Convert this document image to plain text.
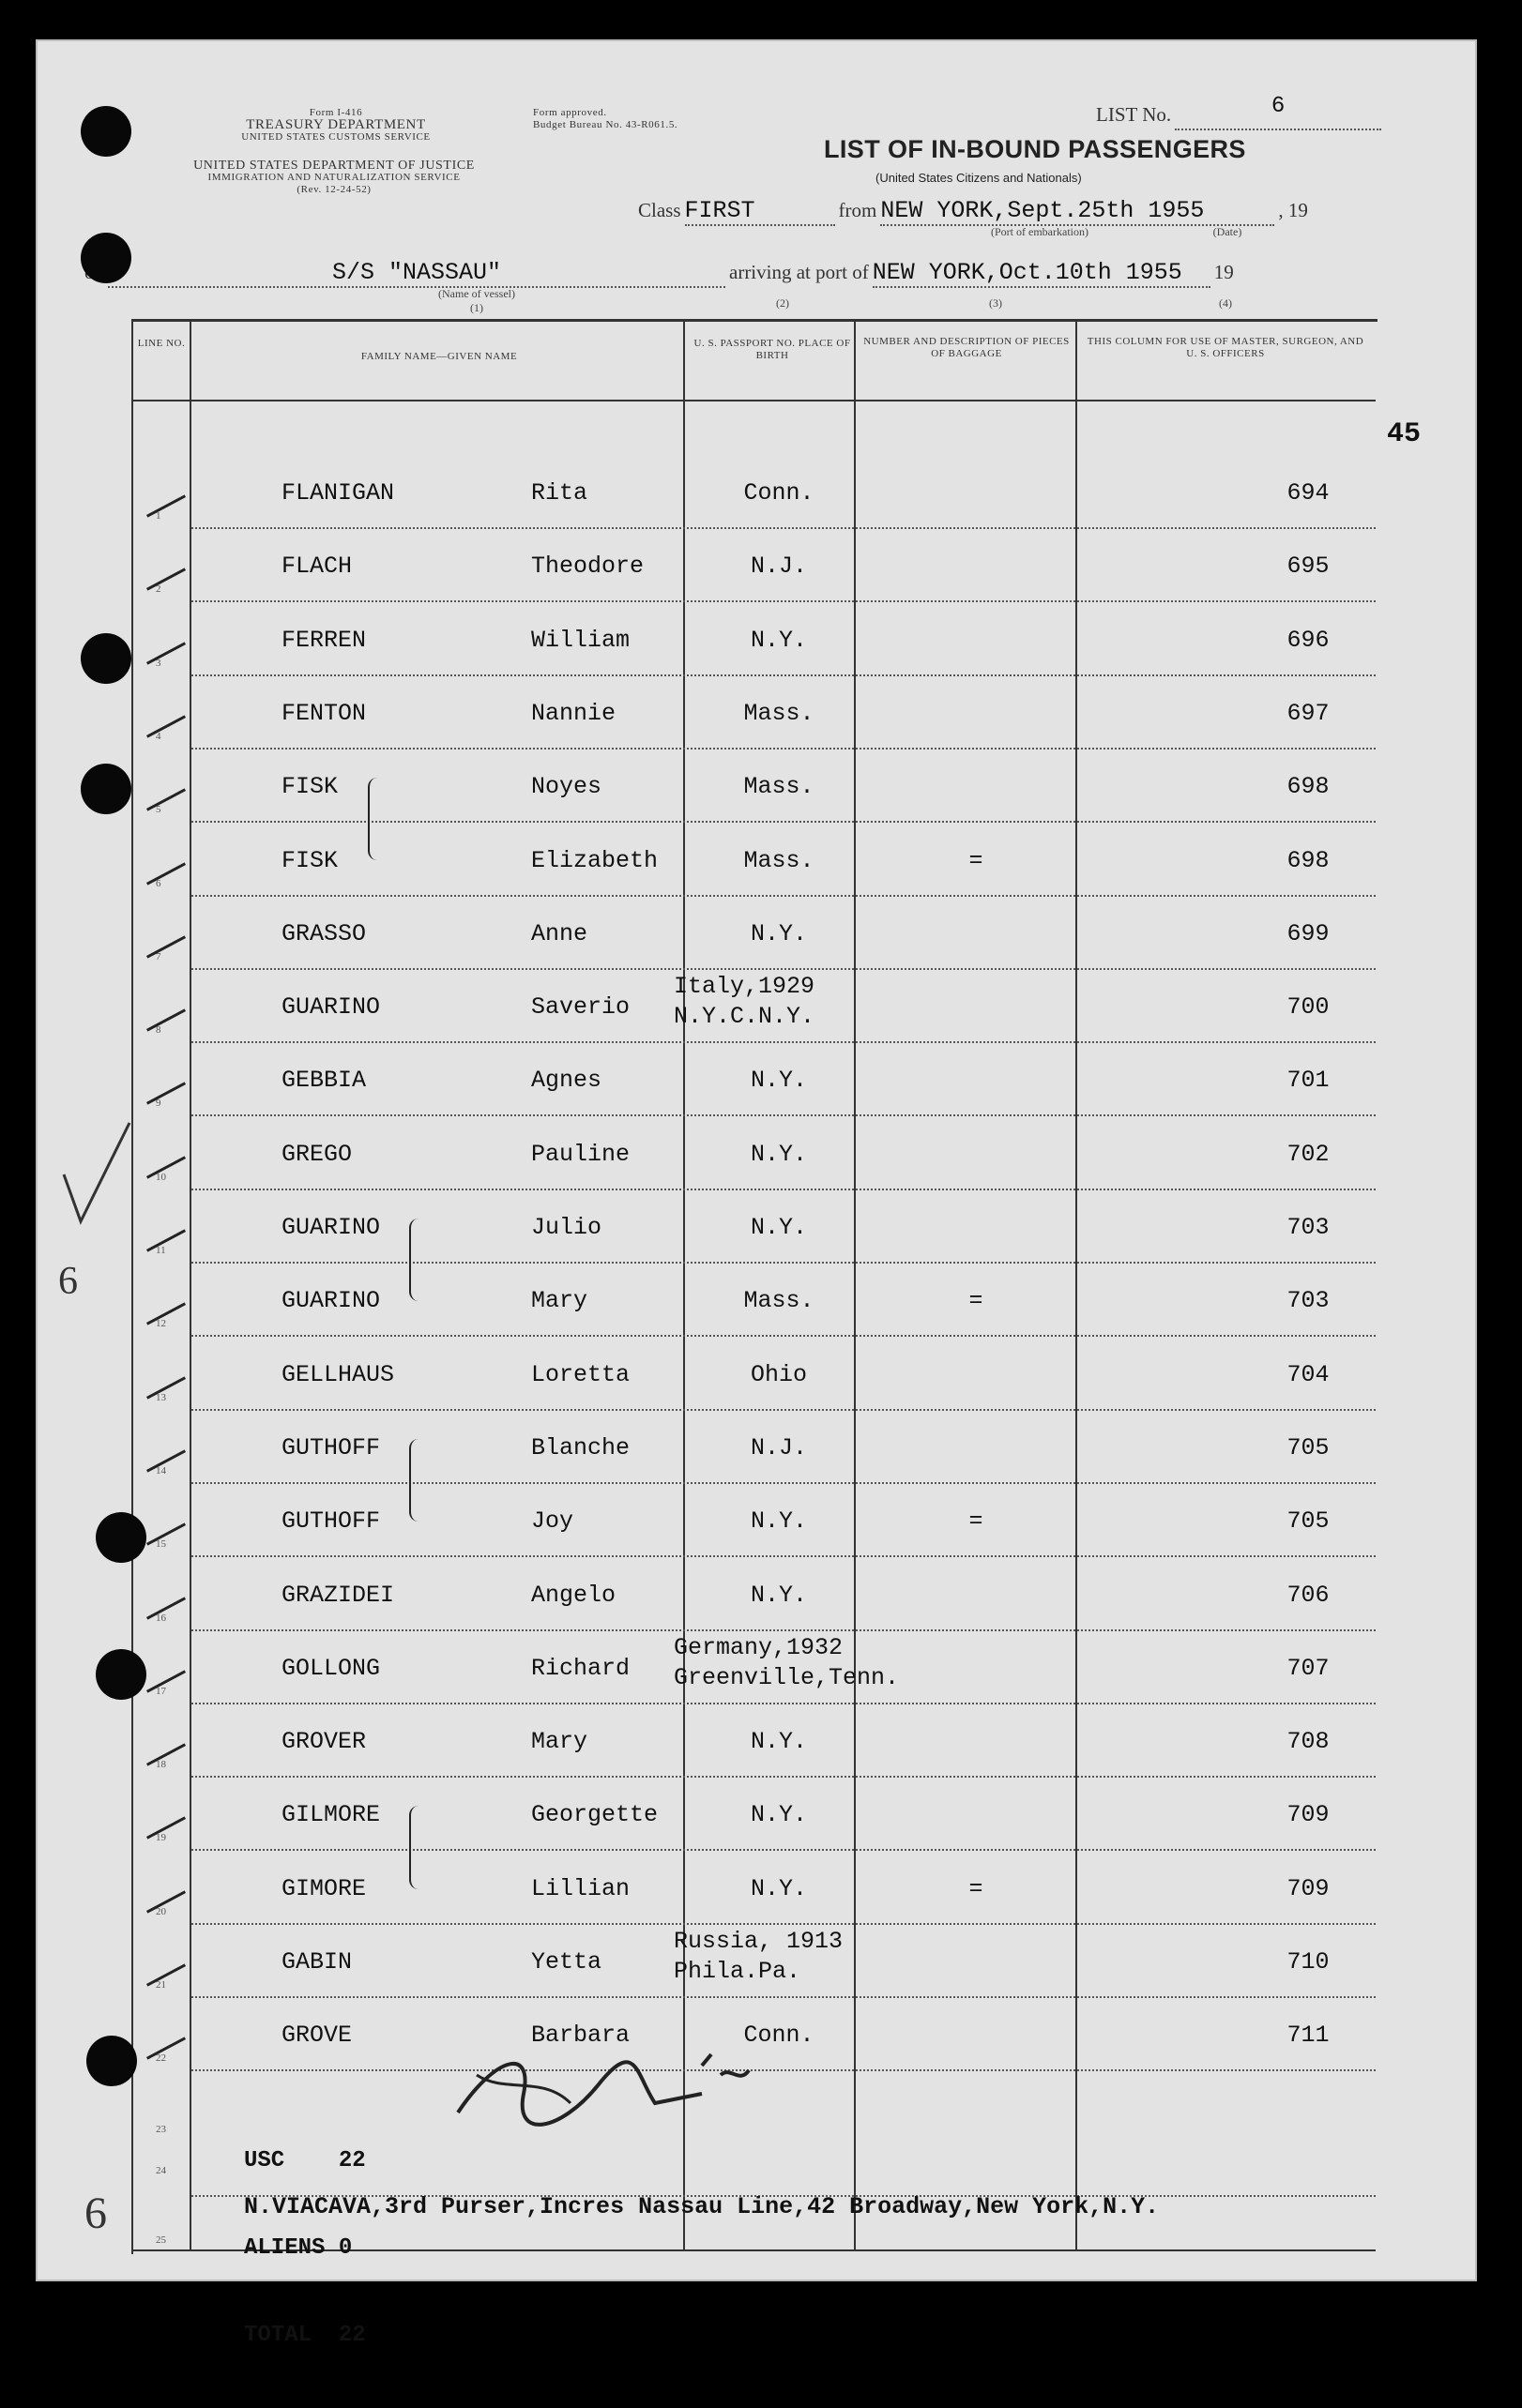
Form I-416
TREASURY DEPARTMENT
UNITED STATES CUSTOMS SERVICE
UNITED STATES DEPARTMENT OF JUSTICE
IMMIGRATION AND NATURALIZATION SERVICE
(Rev. 12-24-52)
Form approved.
Budget Bureau No. 43-R061.5.	LIST No.	6
LIST OF IN-BOUND PASSENGERS
(United States Citizens and Nationals)
Class FIRST	from NEW YORK,Sept.25th 1955	, 19
(Port of embarkation)	(Date)
S/S "NASSAU"	arriving at port of NEW YORK,Oct.10th 1955 19
(Name of vessel)
(1)	(2)	(3)	(4)
45
LINE NO.
FAMILY NAME—GIVEN NAME
U. S. PASSPORT NO. PLACE OF BIRTH
NUMBER AND DESCRIPTION OF PIECES OF BAGGAGE
THIS COLUMN FOR USE OF MASTER, SURGEON, AND U. S. OFFICERS
1
FLANIGAN	Rita	Conn.	694
2
FLACH	Theodore	N.J.	695
3
FERREN	William	N.Y.	696
4
FENTON	Nannie	Mass.	697
5
FISK	Noyes	Mass.	698
6
FISK	Elizabeth	Mass.	=	698
7
GRASSO	Anne	N.Y.	699
8
GUARINO	Saverio
Italy,1929
N.Y.C.N.Y.	700
9
GEBBIA	Agnes	N.Y.	701
10
GREGO	Pauline	N.Y.	702
11
GUARINO	Julio	N.Y.	703
12
GUARINO	Mary	Mass.	=	703
13
GELLHAUS	Loretta	Ohio	704
14
GUTHOFF	Blanche	N.J.	705
15
GUTHOFF	Joy	N.Y.	=	705
16
GRAZIDEI	Angelo	N.Y.	706
17
GOLLONG	Richard
Germany,1932
Greenville,Tenn.	707
18
GROVER	Mary	N.Y.	708
19
GILMORE	Georgette	N.Y.	709
20
GIMORE	Lillian	N.Y.	=	709
21
GABIN	Yetta
Russia, 1913
Phila.Pa.	710
22
GROVE	Barbara	Conn.	711

USC 22

ALIENS 0

TOTAL 22

23
24
25
N.VIACAVA,3rd Purser,Incres Nassau Line,42 Broadway,New York,N.Y.
6
6
